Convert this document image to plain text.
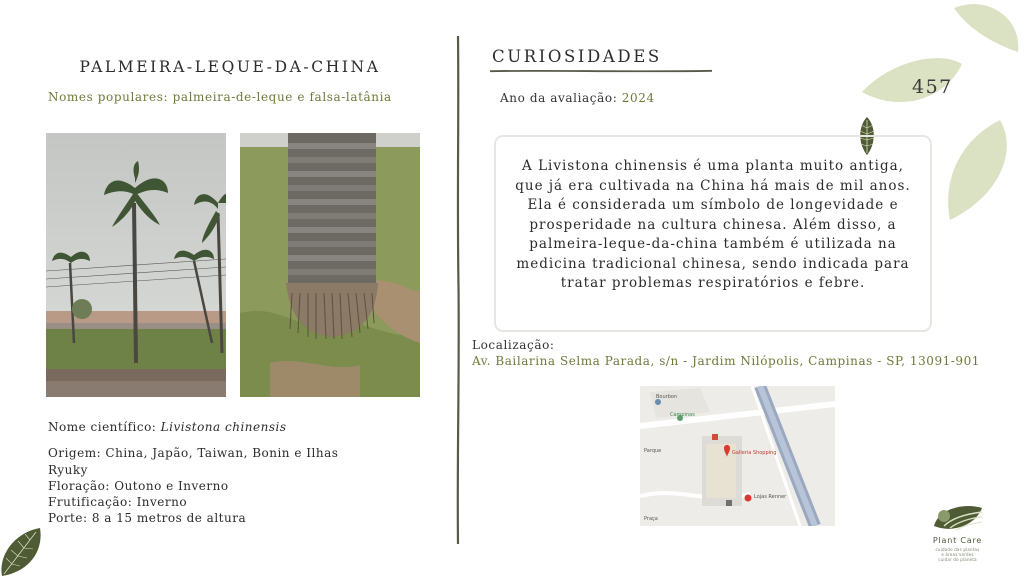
457
PALMEIRA-LEQUE-DA-CHINA
Nomes populares: palmeira-de-leque e falsa-latânia
Nome científico: Livistona chinensis
Origem: China, Japão, Taiwan, Bonin e Ilhas Ryuky
Floração: Outono e Inverno
Frutificação: Inverno
Porte: 8 a 15 metros de altura
CURIOSIDADES
Ano da avaliação: 2024
A Livistona chinensis é uma planta muito antiga, que já era cultivada na China há mais de mil anos. Ela é considerada um símbolo de longevidade e prosperidade na cultura chinesa. Além disso, a palmeira-leque-da-china também é utilizada na medicina tradicional chinesa, sendo indicada para tratar problemas respiratórios e febre.
Localização:
Av. Bailarina Selma Parada, s/n - Jardim Nilópolis, Campinas - SP, 13091-901
Bourbon
Campinas
Parque	Galleria Shopping
Lojas Renner
Praça
Plant Care
cuidado das plantas
e áreas verdes
cuidar do planeta
